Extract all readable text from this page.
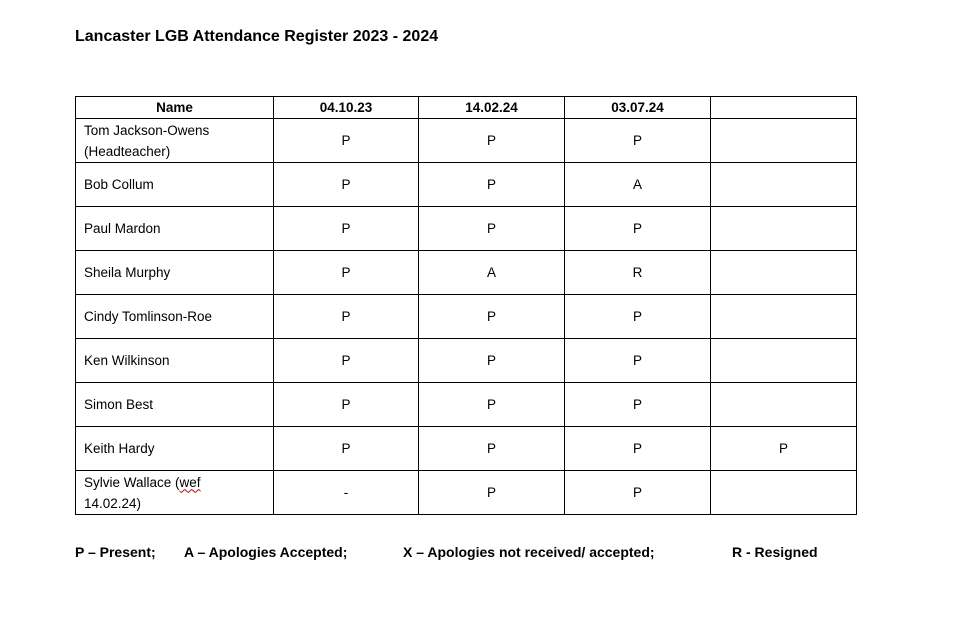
Lancaster LGB Attendance Register 2023 - 2024
Name	04.10.23	14.02.24	03.07.24	

Tom Jackson-Owens
(Headteacher)	P	P	P	
Bob Collum	P	P	A	
Paul Mardon	P	P	P	
Sheila Murphy	P	A	R	
Cindy Tomlinson-Roe	P	P	P	
Ken Wilkinson	P	P	P	
Simon Best	P	P	P	
Keith Hardy	P	P	P	P

Sylvie Wallace (wef
14.02.24)	-	P	P	
P – Present; A – Apologies Accepted;	X – Apologies not received/ accepted;	R - Resigned
